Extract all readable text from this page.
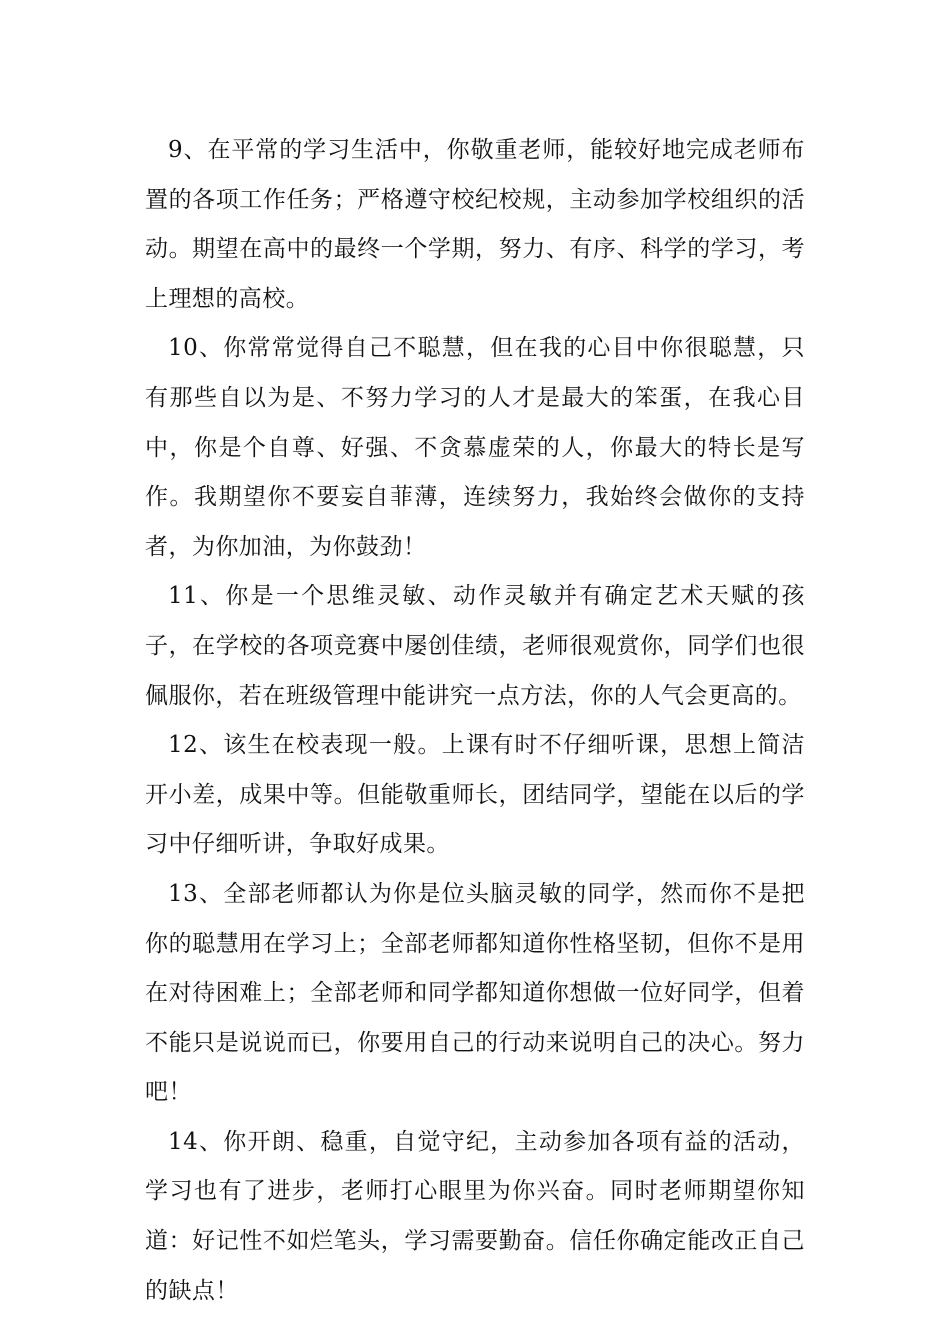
9、在平常的学习生活中，你敬重老师，能较好地完成老师布置的各项工作任务；严格遵守校纪校规，主动参加学校组织的活动。期望在高中的最终一个学期，努力、有序、科学的学习，考上理想的高校。

10、你常常觉得自己不聪慧，但在我的心目中你很聪慧，只有那些自以为是、不努力学习的人才是最大的笨蛋，在我心目中，你是个自尊、好强、不贪慕虚荣的人，你最大的特长是写作。我期望你不要妄自菲薄，连续努力，我始终会做你的支持者，为你加油，为你鼓劲！

11、你是一个思维灵敏、动作灵敏并有确定艺术天赋的孩子，在学校的各项竞赛中屡创佳绩，老师很观赏你，同学们也很佩服你，若在班级管理中能讲究一点方法，你的人气会更高的。

12、该生在校表现一般。上课有时不仔细听课，思想上简洁开小差，成果中等。但能敬重师长，团结同学，望能在以后的学习中仔细听讲，争取好成果。

13、全部老师都认为你是位头脑灵敏的同学，然而你不是把你的聪慧用在学习上；全部老师都知道你性格坚韧，但你不是用在对待困难上；全部老师和同学都知道你想做一位好同学，但着不能只是说说而已，你要用自己的行动来说明自己的决心。努力吧！

14、你开朗、稳重，自觉守纪，主动参加各项有益的活动，学习也有了进步，老师打心眼里为你兴奋。同时老师期望你知道：好记性不如烂笔头，学习需要勤奋。信任你确定能改正自己的缺点！
